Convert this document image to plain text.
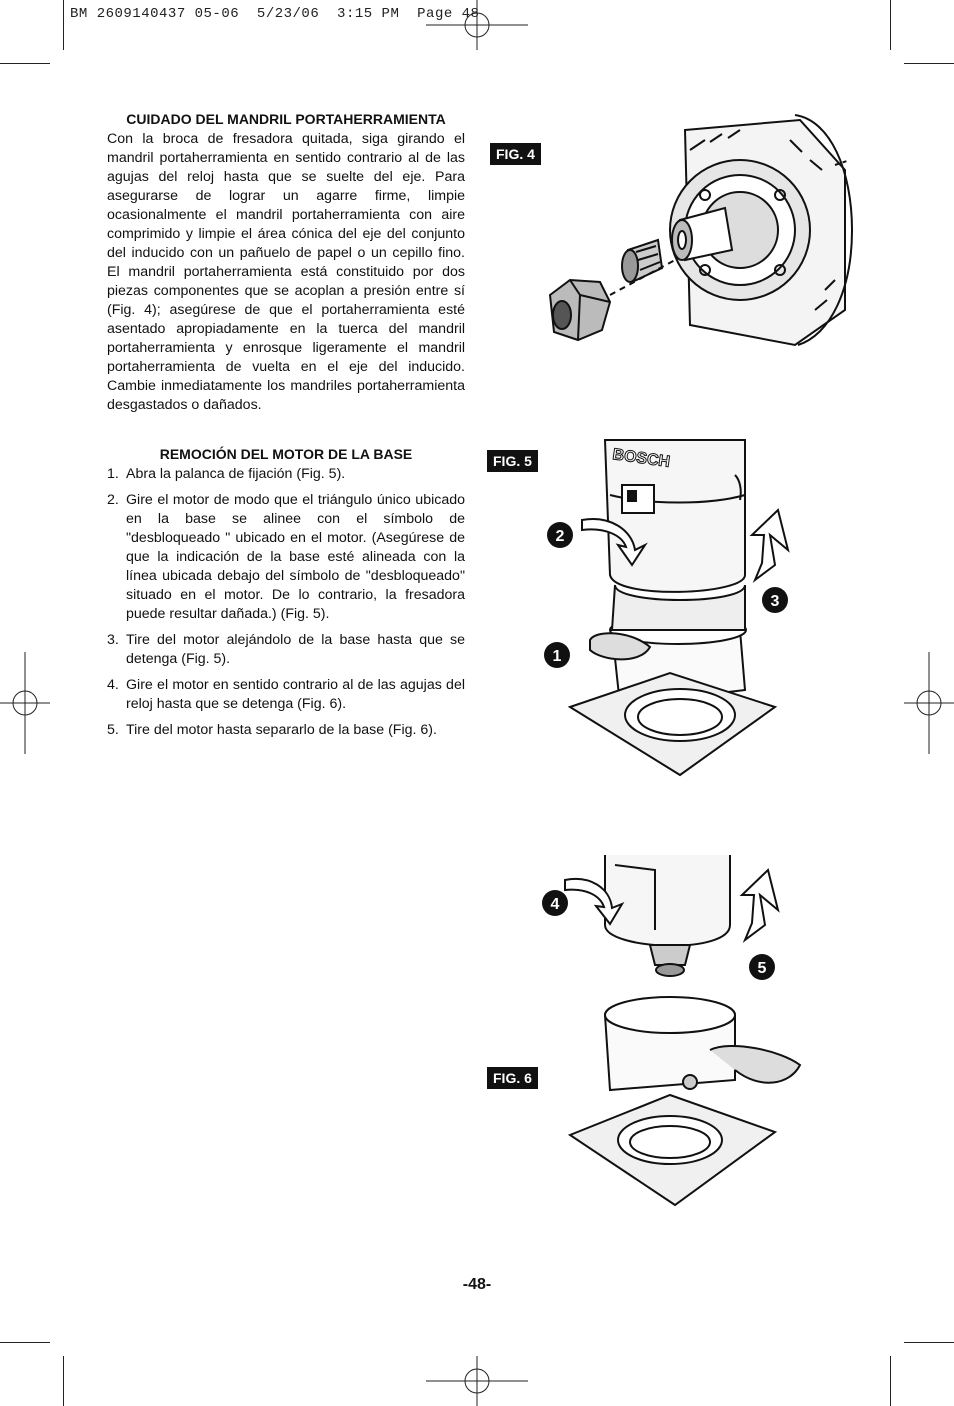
BM 2609140437 05-06  5/23/06  3:15 PM  Page 48
CUIDADO DEL MANDRIL PORTAHERRAMIENTA

Con la broca de fresadora quitada, siga girando el mandril portaherramienta en sentido contrario al de las agujas del reloj hasta que se suelte del eje. Para asegurarse de lograr un agarre firme, limpie ocasionalmente el mandril portaherramienta con aire comprimido y limpie el área cónica del eje del conjunto del inducido con un pañuelo de papel o un cepillo fino. El mandril portaherramienta está constituido por dos piezas componentes que se acoplan a presión entre sí (Fig. 4); asegúrese de que el portaherramienta esté asentado apropiadamente en la tuerca del mandril portaherramienta y enrosque ligeramente el mandril portaherramienta de vuelta en el eje del inducido. Cambie inmediatamente los mandriles portaherramienta desgastados o dañados.

REMOCIÓN DEL MOTOR DE LA BASE
1. Abra la palanca de fijación (Fig. 5).
2. Gire el motor de modo que el triángulo único ubicado en la base se alinee con el símbolo de "desbloqueado " ubicado en el motor. (Asegúrese de que la indicación de la base esté alineada con la línea ubicada debajo del símbolo de "desbloqueado" situado en el motor. De lo contrario, la fresadora puede resultar dañada.) (Fig. 5).
3. Tire del motor alejándolo de la base hasta que se detenga (Fig. 5).
4. Gire el motor en sentido contrario al de las agujas del reloj hasta que se detenga (Fig. 6).
5. Tire del motor hasta separarlo de la base (Fig. 6).
FIG. 4
FIG. 5
FIG. 6
BOSCH
2
3
1
4
5
-48-
